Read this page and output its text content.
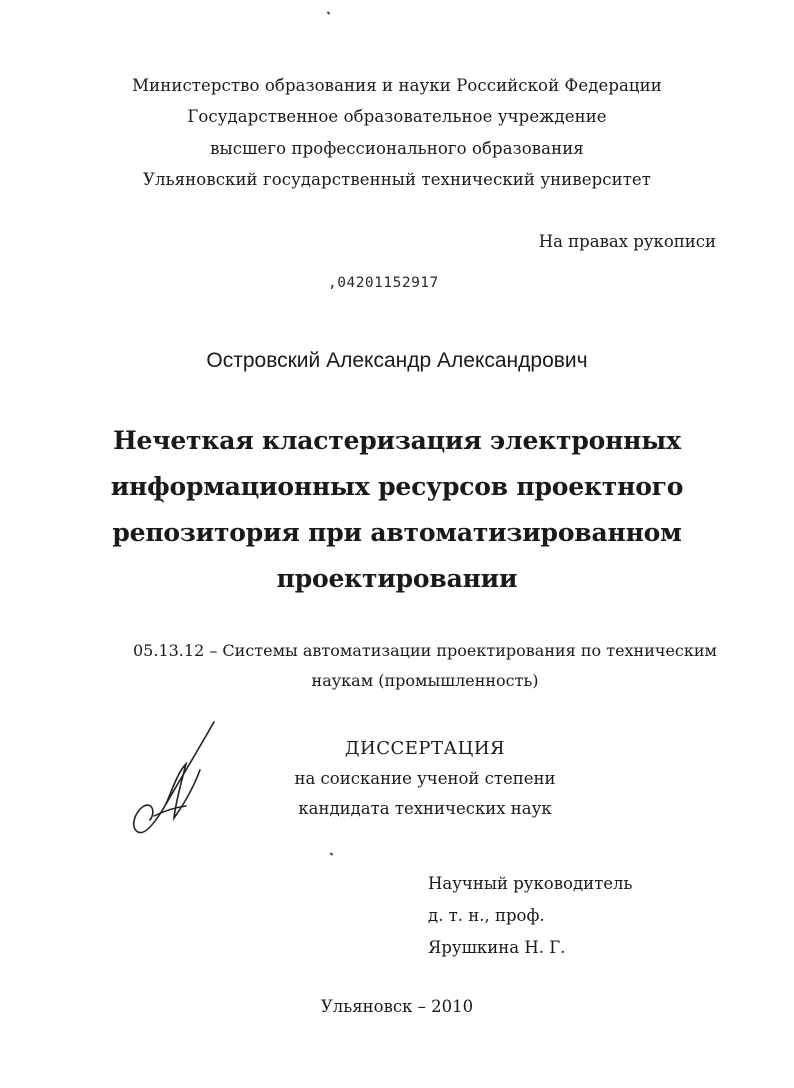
Министерство образования и науки Российской Федерации
Государственное образовательное учреждение
высшего профессионального образования
Ульяновский государственный технический университет
На правах рукописи
,04201152917
Островский Александр Александрович
Нечеткая кластеризация электронных
информационных ресурсов проектного
репозитория при автоматизированном
проектировании
05.13.12 – Системы автоматизации проектирования по техническим
наукам (промышленность)
ДИССЕРТАЦИЯ
на соискание ученой степени
кандидата технических наук
Научный руководитель
д. т. н., проф.
Ярушкина Н. Г.
Ульяновск – 2010
